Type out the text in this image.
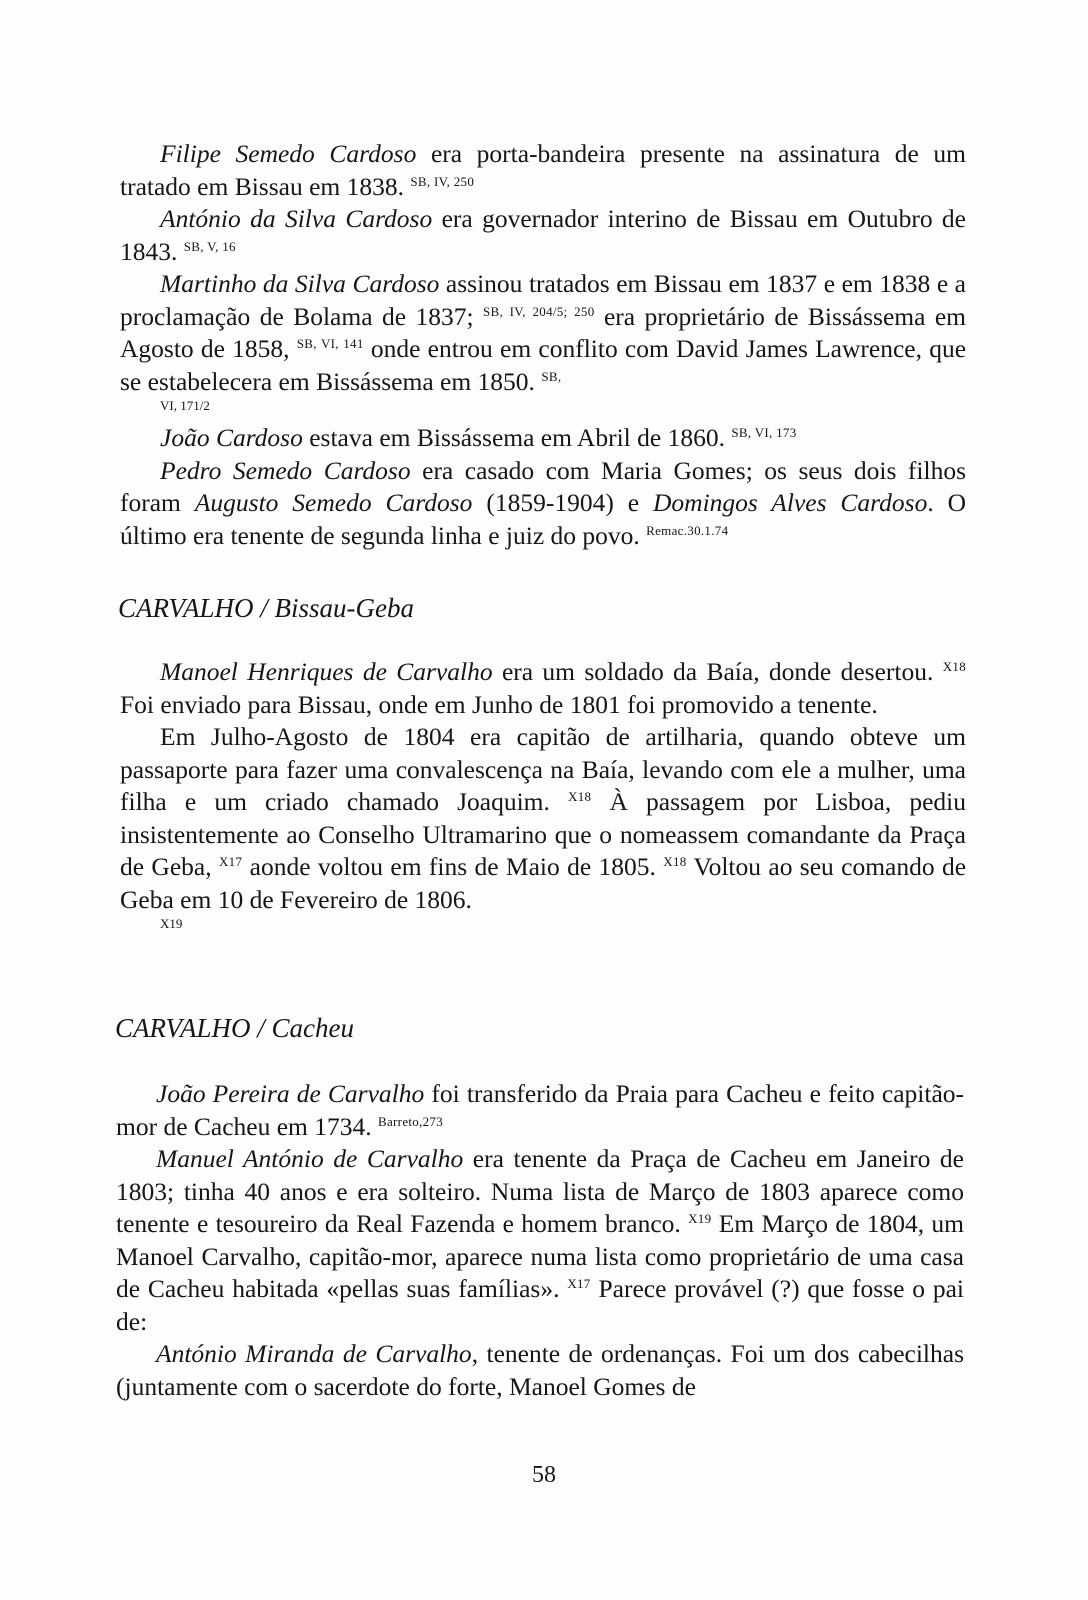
Filipe Semedo Cardoso era porta-bandeira presente na assinatura de um tratado em Bissau em 1838. $^{SB, IV, 250}$

António da Silva Cardoso era governador interino de Bissau em Outubro de 1843. $^{SB, V, 16}$

Martinho da Silva Cardoso assinou tratados em Bissau em 1837 e em 1838 e a proclamação de Bolama de 1837; $^{SB, IV, 204/5; 250}$ era proprietário de Bissássema em Agosto de 1858, $^{SB, VI, 141}$ onde entrou em conflito com David James Lawrence, que se estabelecera em Bissássema em 1850. $^{SB,}$
VI, 171/2

João Cardoso estava em Bissássema em Abril de 1860. $^{SB, VI, 173}$

Pedro Semedo Cardoso era casado com Maria Gomes; os seus dois filhos foram Augusto Semedo Cardoso (1859-1904) e Domingos Alves Cardoso. O último era tenente de segunda linha e juiz do povo. $^{Remac.30.1.74}$

CARVALHO / Bissau-Geba

Manoel Henriques de Carvalho era um soldado da Baía, donde desertou. $^{X18}$ Foi enviado para Bissau, onde em Junho de 1801 foi promovido a tenente.

Em Julho-Agosto de 1804 era capitão de artilharia, quando obteve um passaporte para fazer uma convalescença na Baía, levando com ele a mulher, uma filha e um criado chamado Joaquim. $^{X18}$ À passagem por Lisboa, pediu insistentemente ao Conselho Ultramarino que o nomeassem comandante da Praça de Geba, $^{X17}$ aonde voltou em fins de Maio de 1805. $^{X18}$ Voltou ao seu comando de Geba em 10 de Fevereiro de 1806.
X19

CARVALHO / Cacheu

João Pereira de Carvalho foi transferido da Praia para Cacheu e feito capitão-mor de Cacheu em 1734. $^{Barreto,273}$

Manuel António de Carvalho era tenente da Praça de Cacheu em Janeiro de 1803; tinha 40 anos e era solteiro. Numa lista de Março de 1803 aparece como tenente e tesoureiro da Real Fazenda e homem branco. $^{X19}$ Em Março de 1804, um Manoel Carvalho, capitão-mor, aparece numa lista como proprietário de uma casa de Cacheu habitada «pellas suas famílias». $^{X17}$ Parece provável (?) que fosse o pai de:

António Miranda de Carvalho, tenente de ordenanças. Foi um dos cabecilhas (juntamente com o sacerdote do forte, Manoel Gomes de

58
